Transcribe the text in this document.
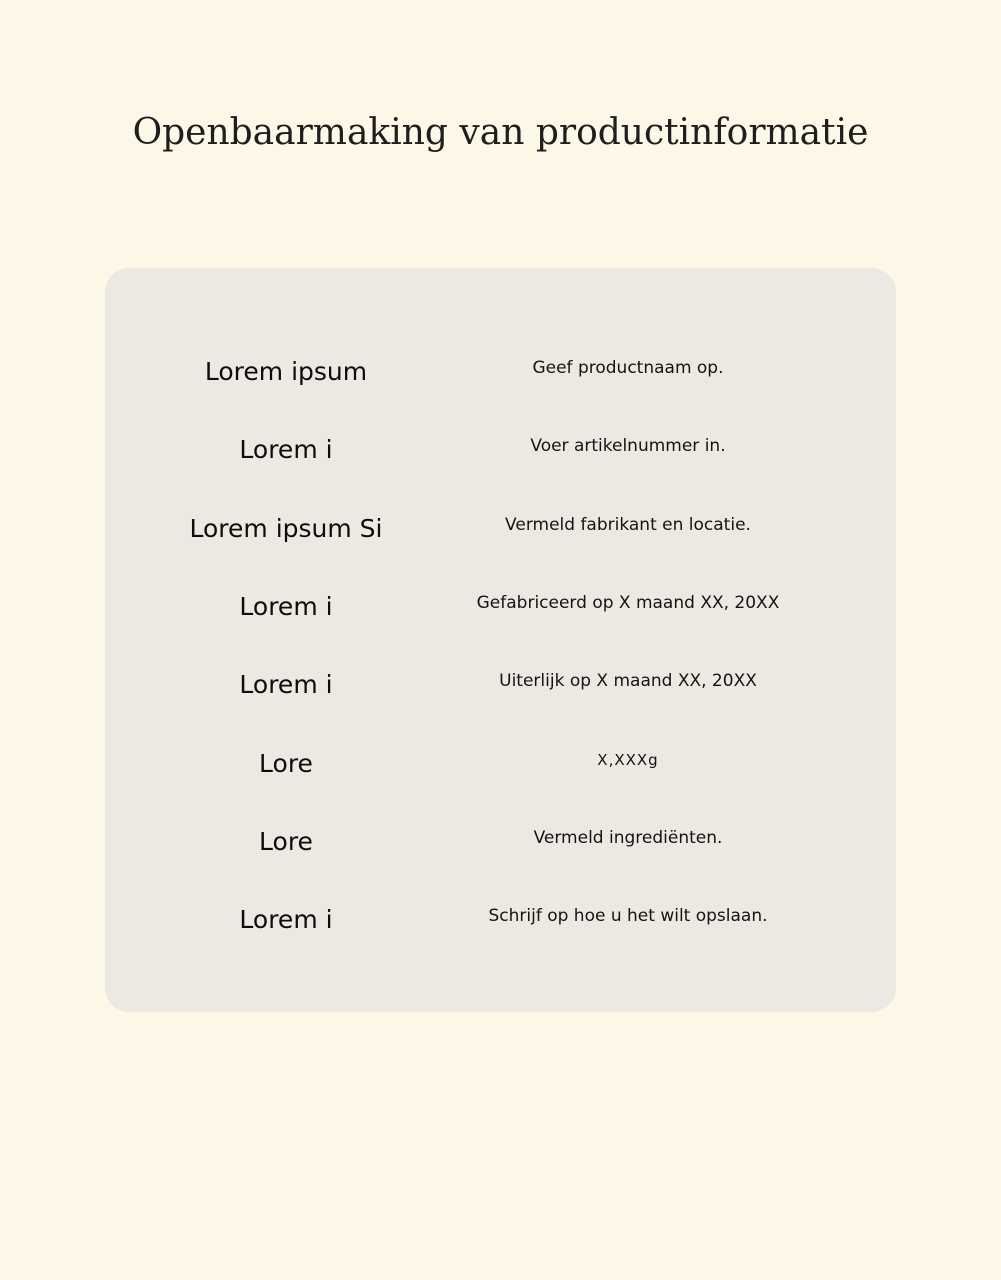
Openbaarmaking van productinformatie
Lorem ipsum	Geef productnaam op.
Lorem i	Voer artikelnummer in.
Lorem ipsum Si	Vermeld fabrikant en locatie.
Lorem i	Gefabriceerd op X maand XX, 20XX
Lorem i	Uiterlijk op X maand XX, 20XX
Lore	X,XXXg
Lore	Vermeld ingrediënten.
Lorem i	Schrijf op hoe u het wilt opslaan.
